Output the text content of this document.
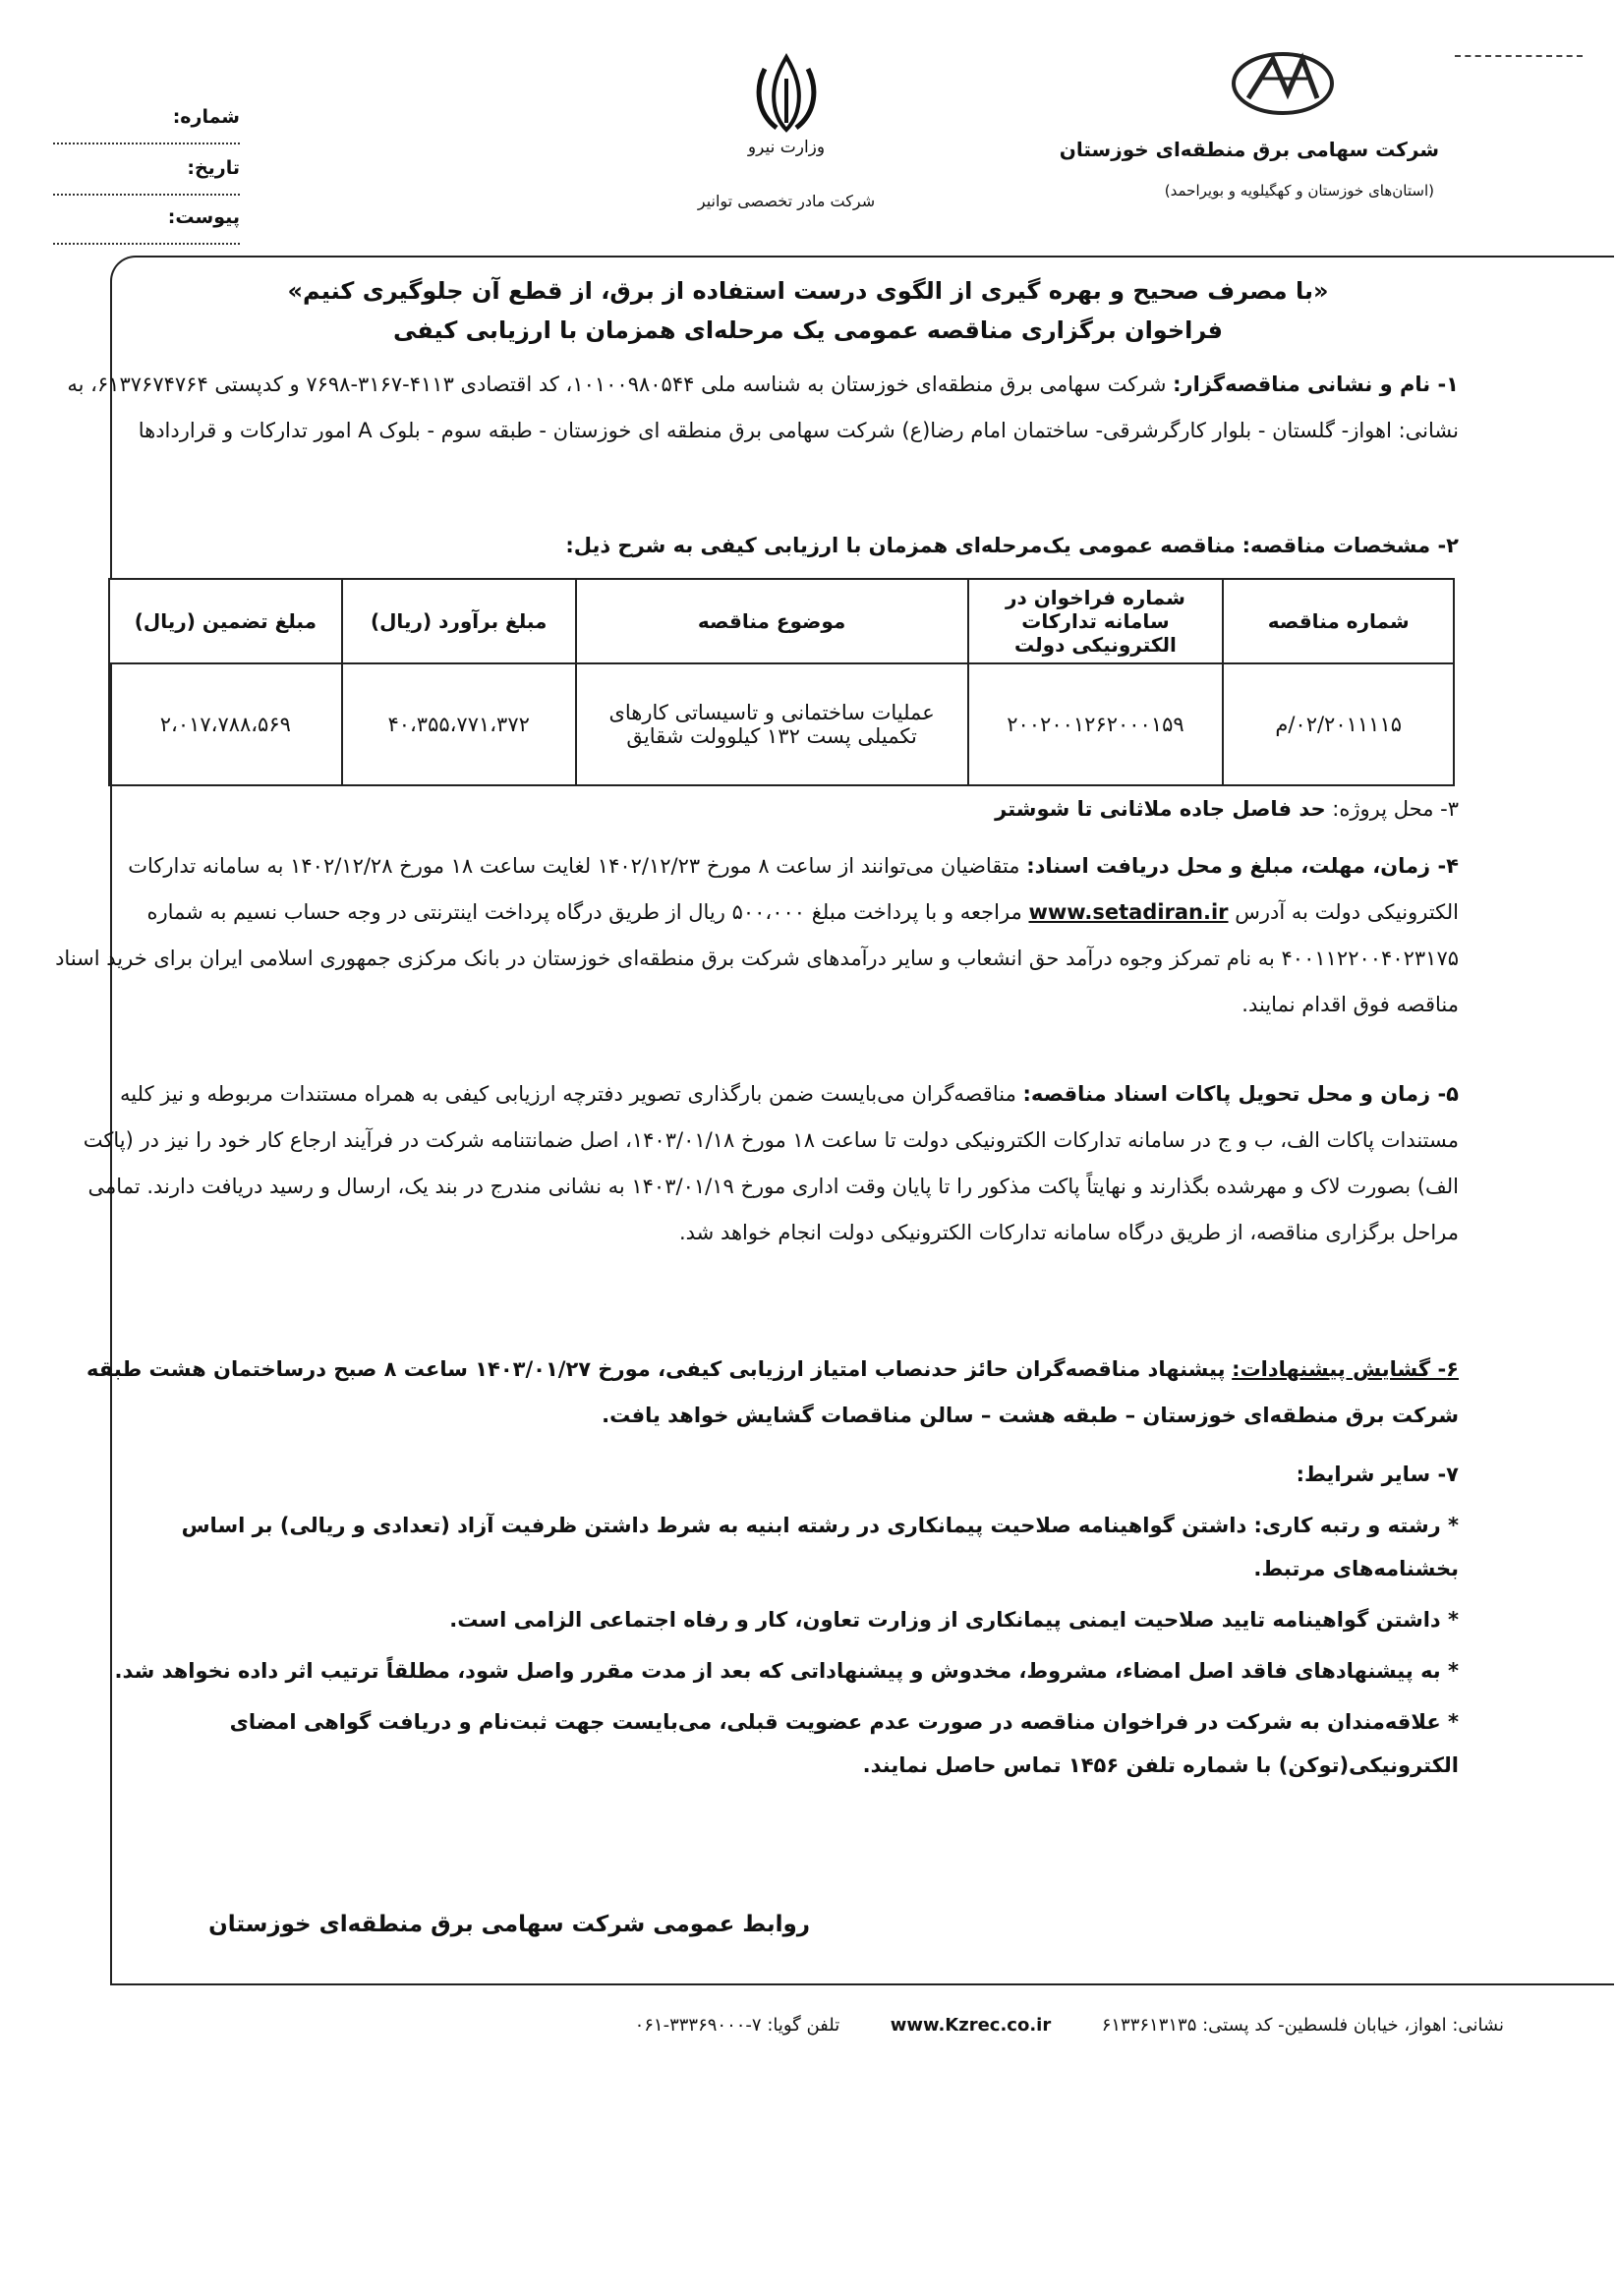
شرکت سهامی برق منطقه‌ای خوزستان
(استان‌های خوزستان و کهگیلویه و بویراحمد)
وزارت نیرو
شرکت مادر تخصصی توانیر
شماره:
تاریخ:
پیوست:
«با مصرف صحیح و بهره گیری از الگوی درست استفاده از برق، از قطع آن جلوگیری کنیم»
فراخوان برگزاری مناقصه عمومی یک مرحله‌ای همزمان با ارزیابی کیفی
۱- نام و نشانی مناقصه‌گزار: شرکت سهامی برق منطقه‌ای خوزستان به شناسه ملی ۱۰۱۰۰۹۸۰۵۴۴، کد اقتصادی ۴۱۱۳-۳۱۶۷-۷۶۹۸ و کدپستی ۶۱۳۷۶۷۴۷۶۴، به نشانی: اهواز- گلستان - بلوار کارگرشرقی- ساختمان امام رضا(ع) شرکت سهامی برق منطقه ای خوزستان - طبقه سوم - بلوک A امور تدارکات و قراردادها
۲- مشخصات مناقصه: مناقصه عمومی یک‌مرحله‌ای همزمان با ارزیابی کیفی به شرح ذیل:
شماره مناقصه	شماره فراخوان در سامانه تدارکات الکترونیکی دولت	موضوع مناقصه	مبلغ برآورد (ریال)	مبلغ تضمین (ریال)
۰۲/۲۰۱۱۱۱۵/م	۲۰۰۲۰۰۱۲۶۲۰۰۰۱۵۹	عملیات ساختمانی و تاسیساتی کارهای تکمیلی پست ۱۳۲ کیلوولت شقایق	۴۰،۳۵۵،۷۷۱،۳۷۲	۲،۰۱۷،۷۸۸،۵۶۹
۳- محل پروژه: حد فاصل جاده ملاثانی تا شوشتر
۴- زمان، مهلت، مبلغ و محل دریافت اسناد: متقاضیان می‌توانند از ساعت ۸ مورخ ۱۴۰۲/۱۲/۲۳ لغایت ساعت ۱۸ مورخ ۱۴۰۲/۱۲/۲۸ به سامانه تدارکات الکترونیکی دولت به آدرس www.setadiran.ir مراجعه و با پرداخت مبلغ ۵۰۰،۰۰۰ ریال از طریق درگاه پرداخت اینترنتی در وجه حساب نسیم به شماره ۴۰۰۱۱۲۲۰۰۴۰۲۳۱۷۵ به نام تمرکز وجوه درآمد حق انشعاب و سایر درآمدهای شرکت برق منطقه‌ای خوزستان در بانک مرکزی جمهوری اسلامی ایران برای خرید اسناد مناقصه فوق اقدام نمایند.
۵- زمان و محل تحویل پاکات اسناد مناقصه: مناقصه‌گران می‌بایست ضمن بارگذاری تصویر دفترچه ارزیابی کیفی به همراه مستندات مربوطه و نیز کلیه مستندات پاکات الف، ب و ج در سامانه تدارکات الکترونیکی دولت تا ساعت ۱۸ مورخ ۱۴۰۳/۰۱/۱۸، اصل ضمانتنامه شرکت در فرآیند ارجاع کار خود را نیز در (پاکت الف) بصورت لاک و مهرشده بگذارند و نهایتاً پاکت مذکور را تا پایان وقت اداری مورخ ۱۴۰۳/۰۱/۱۹ به نشانی مندرج در بند یک، ارسال و رسید دریافت دارند. تمامی مراحل برگزاری مناقصه، از طریق درگاه سامانه تدارکات الکترونیکی دولت انجام خواهد شد.
۶- گشایش پیشنهادات: پیشنهاد مناقصه‌گران حائز حدنصاب امتیاز ارزیابی کیفی، مورخ ۱۴۰۳/۰۱/۲۷ ساعت ۸ صبح درساختمان هشت طبقه شرکت برق منطقه‌ای خوزستان – طبقه هشت – سالن مناقصات گشایش خواهد یافت.

۷- سایر شرایط:

* رشته و رتبه کاری: داشتن گواهینامه صلاحیت پیمانکاری در رشته ابنیه به شرط داشتن ظرفیت آزاد (تعدادی و ریالی) بر اساس بخشنامه‌های مرتبط.

* داشتن گواهینامه تایید صلاحیت ایمنی پیمانکاری از وزارت تعاون، کار و رفاه اجتماعی الزامی است.

* به پیشنهادهای فاقد اصل امضاء، مشروط، مخدوش و پیشنهاداتی که بعد از مدت مقرر واصل شود، مطلقاً ترتیب اثر داده نخواهد شد.

* علاقه‌مندان به شرکت در فراخوان مناقصه در صورت عدم عضویت قبلی، می‌بایست جهت ثبت‌نام و دریافت گواهی امضای الکترونیکی(توکن) با شماره تلفن ۱۴۵۶ تماس حاصل نمایند.

روابط عمومی شرکت سهامی برق منطقه‌ای خوزستان
نشانی: اهواز، خیابان فلسطین- کد پستی: ۶۱۳۳۶۱۳۱۳۵  www.Kzrec.co.ir  تلفن گویا: ۷-۳۳۳۶۹۰۰۰-۰۶۱
